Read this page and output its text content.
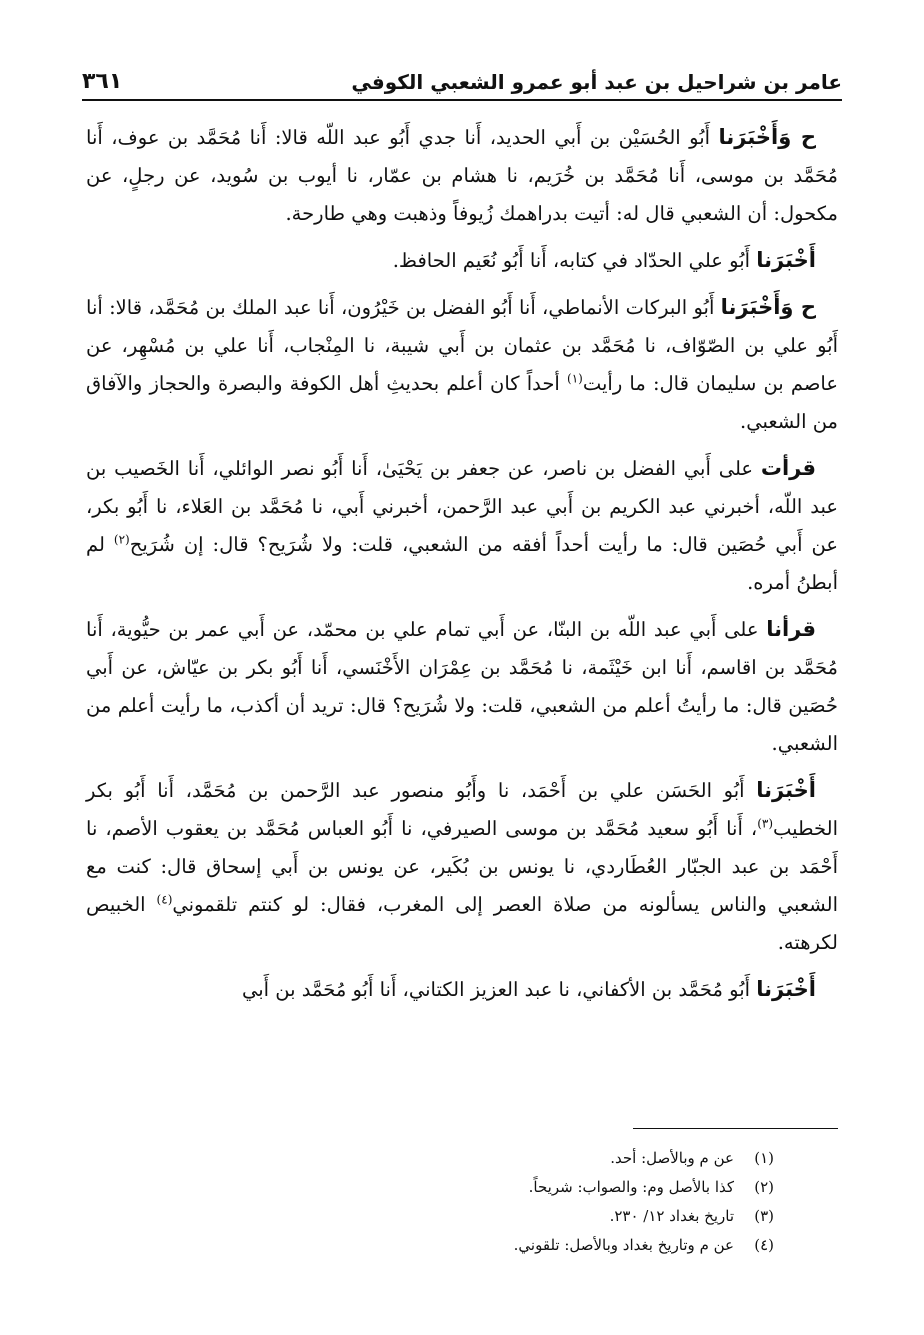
عامر بن شراحيل بن عبد أبو عمرو الشعبي الكوفي
٣٦١

ح وَأَخْبَرَنا أَبُو الحُسَيْن بن أَبي الحديد، أَنا جدي أَبُو عبد اللّه قالا: أَنا مُحَمَّد بن عوف، أَنا مُحَمَّد بن موسى، أَنا مُحَمَّد بن خُرَيم، نا هشام بن عمّار، نا أيوب بن سُويد، عن رجلٍ، عن مكحول: أن الشعبي قال له: أتيت بدراهمك زُيوفاً وذهبت وهي طارحة.

أَخْبَرَنا أَبُو علي الحدّاد في كتابه، أَنا أَبُو نُعَيم الحافظ.

ح وَأَخْبَرَنا أَبُو البركات الأنماطي، أَنا أَبُو الفضل بن خَيْرُون، أَنا عبد الملك بن مُحَمَّد، قالا: أنا أَبُو علي بن الصّوّاف، نا مُحَمَّد بن عثمان بن أَبي شيبة، نا المِنْجاب، أَنا علي بن مُسْهِر، عن عاصم بن سليمان قال: ما رأيت$^{(١)}$ أحداً كان أعلم بحديثِ أهل الكوفة والبصرة والحجاز والآفاق من الشعبي.

قرأت على أَبي الفضل بن ناصر، عن جعفر بن يَحْيَىٰ، أَنا أَبُو نصر الوائلي، أَنا الخَصيب بن عبد اللّه، أخبرني عبد الكريم بن أَبي عبد الرَّحمن، أخبرني أَبي، نا مُحَمَّد بن العَلاء، نا أَبُو بكر، عن أَبي حُصَين قال: ما رأيت أحداً أفقه من الشعبي، قلت: ولا شُرَيح؟ قال: إن شُرَيح$^{(٢)}$ لم أبطنُ أمره.

قرأنا على أَبي عبد اللّه بن البنّا، عن أَبي تمام علي بن محمّد، عن أَبي عمر بن حيُّوية، أَنا مُحَمَّد بن اقاسم، أَنا ابن خَيْثَمة، نا مُحَمَّد بن عِمْرَان الأَخْنَسي، أَنا أَبُو بكر بن عيّاش، عن أَبي حُصَين قال: ما رأيتُ أعلم من الشعبي، قلت: ولا شُرَيح؟ قال: تريد أن أكذب، ما رأيت أعلم من الشعبي.

أَخْبَرَنا أَبُو الحَسَن علي بن أَحْمَد، نا وأَبُو منصور عبد الرَّحمن بن مُحَمَّد، أَنا أَبُو بكر الخطيب$^{(٣)}$، أَنا أَبُو سعيد مُحَمَّد بن موسى الصيرفي، نا أَبُو العباس مُحَمَّد بن يعقوب الأصم، نا أَحْمَد بن عبد الجبّار العُطَاردي، نا يونس بن بُكَير، عن يونس بن أَبي إسحاق قال: كنت مع الشعبي والناس يسألونه من صلاة العصر إلى المغرب، فقال: لو كنتم تلقموني$^{(٤)}$ الخبيص لكرهته.

أَخْبَرَنا أَبُو مُحَمَّد بن الأكفاني، نا عبد العزيز الكتاني، أَنا أَبُو مُحَمَّد بن أَبي

(١)عن م وبالأصل: أحد.
(٢)كذا بالأصل وم: والصواب: شريحاً.
(٣)تاريخ بغداد ١٢/ ٢٣٠.
(٤)عن م وتاريخ بغداد وبالأصل: تلقوني.
